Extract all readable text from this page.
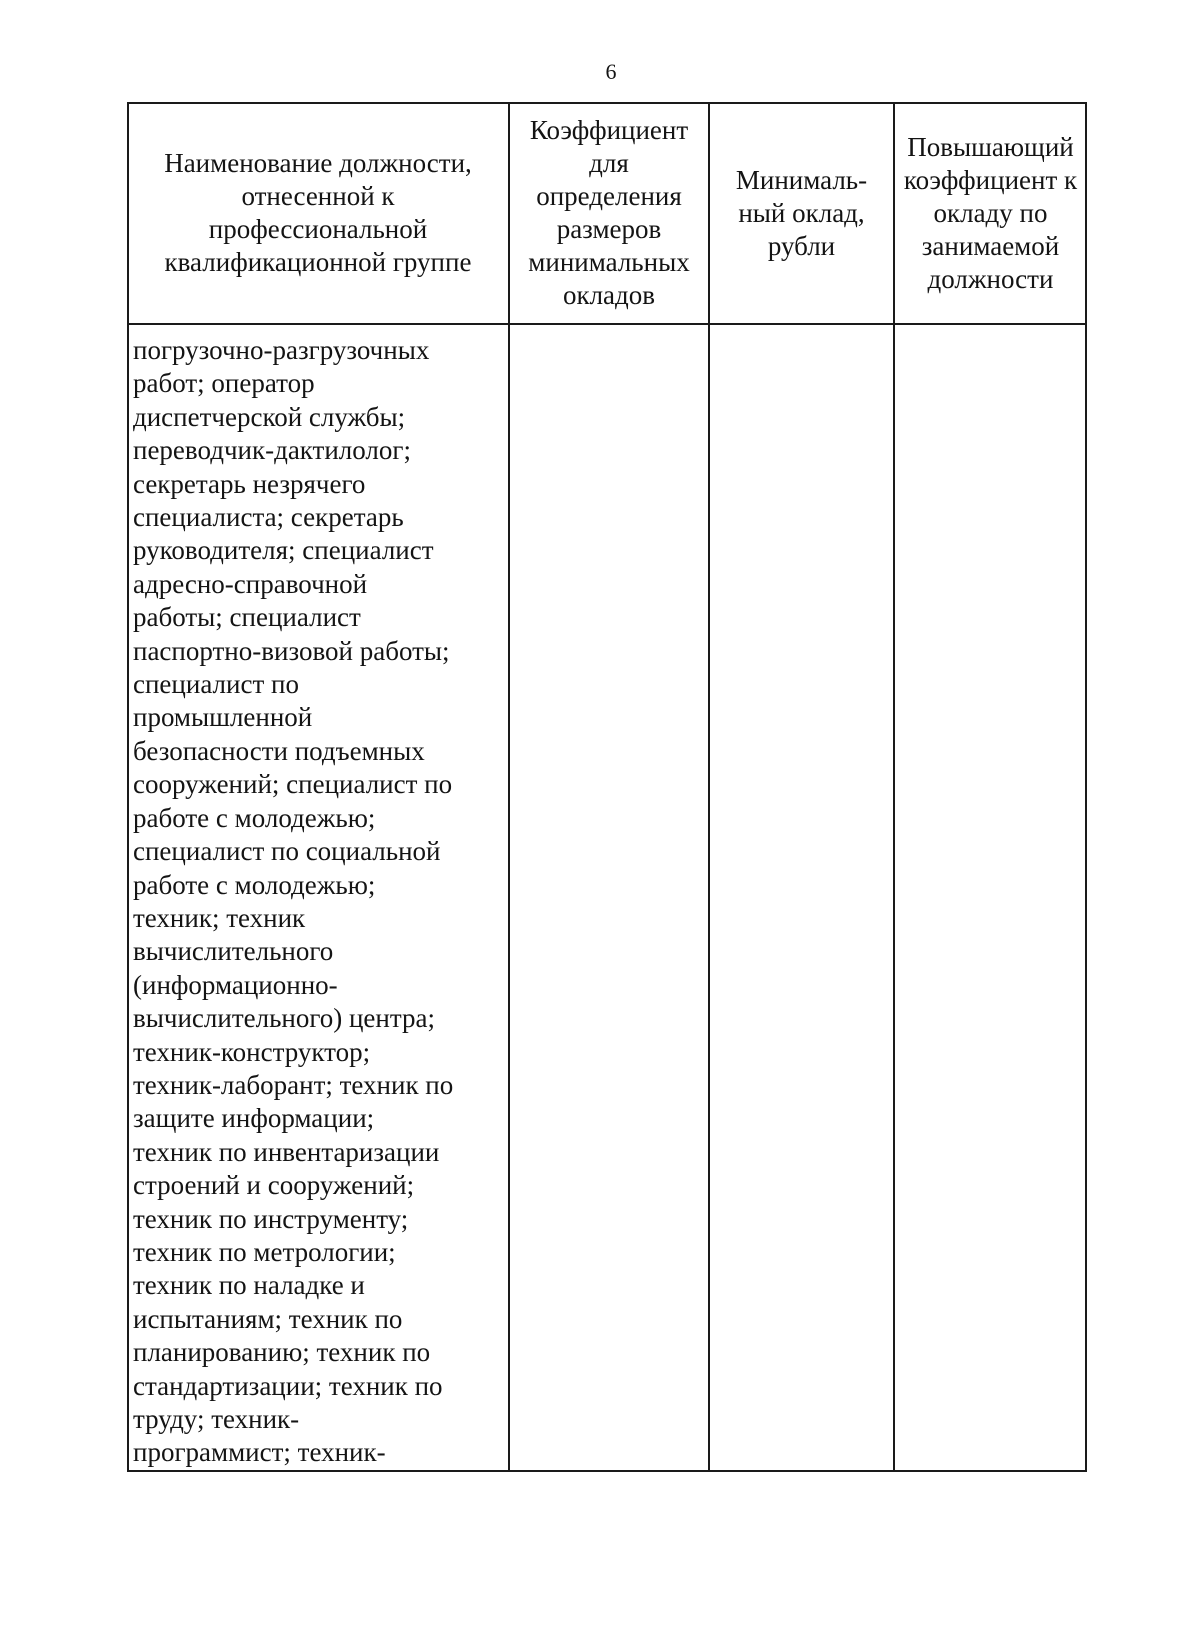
6
Наименование должности,
отнесенной к
профессиональной
квалификационной группе
Коэффициент
для
определения
размеров
минимальных
окладов
Минималь-
ный оклад,
рубли
Повышающий
коэффициент к
окладу по
занимаемой
должности
погрузочно-разгрузочных
работ; оператор
диспетчерской службы;
переводчик-дактилолог;
секретарь незрячего
специалиста; секретарь
руководителя; специалист
адресно-справочной
работы; специалист
паспортно-визовой работы;
специалист по
промышленной
безопасности подъемных
сооружений; специалист по
работе с молодежью;
специалист по социальной
работе с молодежью;
техник; техник
вычислительного
(информационно-
вычислительного) центра;
техник-конструктор;
техник-лаборант; техник по
защите информации;
техник по инвентаризации
строений и сооружений;
техник по инструменту;
техник по метрологии;
техник по наладке и
испытаниям; техник по
планированию; техник по
стандартизации; техник по
труду; техник-
программист; техник-
